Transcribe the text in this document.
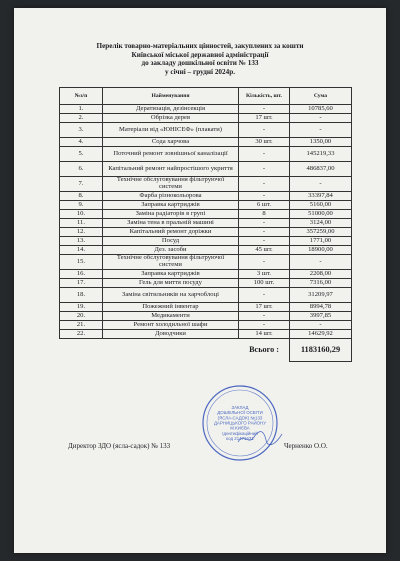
Перелік товарно-матеріальних цінностей, закуплених за кошти
Київської міської державної адміністрації
до закладу дошкільної освіти № 133
у січні – грудні 2024р.
№з/п	Найменування	Кількість, шт.	Сума
1.	Дератизація, дезінсекція	-	10785,60
2.	Обрізка дерев	17 шт.	-
3.	Матеріали від «ЮНІСЕФ» (плакати)	-	-
4.	Сода харчова	30 шт.	1350,00
5.	Поточний ремонт зовнішньої каналізації	-	145219,33
6.	Капітальний ремонт найпростішого укриття	-	486837,00
7.	Технічне обслуговування фільтруючої системи	-	-
8.	Фарба різнокольорова	-	33397,84
9.	Заправка картриджів	6 шт.	5160,00
10.	Заміна радіаторів в групі	8	51000,00
11.	Заміна тена в пральній машині	-	3124,00
12.	Капітальний ремонт доріжки	-	357259,00
13.	Посуд	-	1771,00
14.	Дез. засоби	45 шт.	18900,00
15.	Технічне обслуговування фільтруючої системи	-	-
16.	Заправка картриджів	3 шт.	2208,00
17.	Гель для миття посуду	100 шт.	7316,00
18.	Заміна світильників на харчоблоці	-	31209,97
19.	Пожежний інвентар	17 шт.	8994,78
20.	Медикаменти	-	3997,85
21.	Ремонт холодильної шафи	-	-
22.	Доводчики	14 шт.	14629,92
Всього :			1183160,29
ЗАКЛАД
ДОШКІЛЬНОЇ ОСВІТИ
(ЯСЛА-САДОК) №133
ДАРНИЦЬКОГО РАЙОНУ
М.КИЄВА
Ідентифікаційний
код 21471631
Директор ЗДО (ясла-садок) № 133	Черненко О.О.
